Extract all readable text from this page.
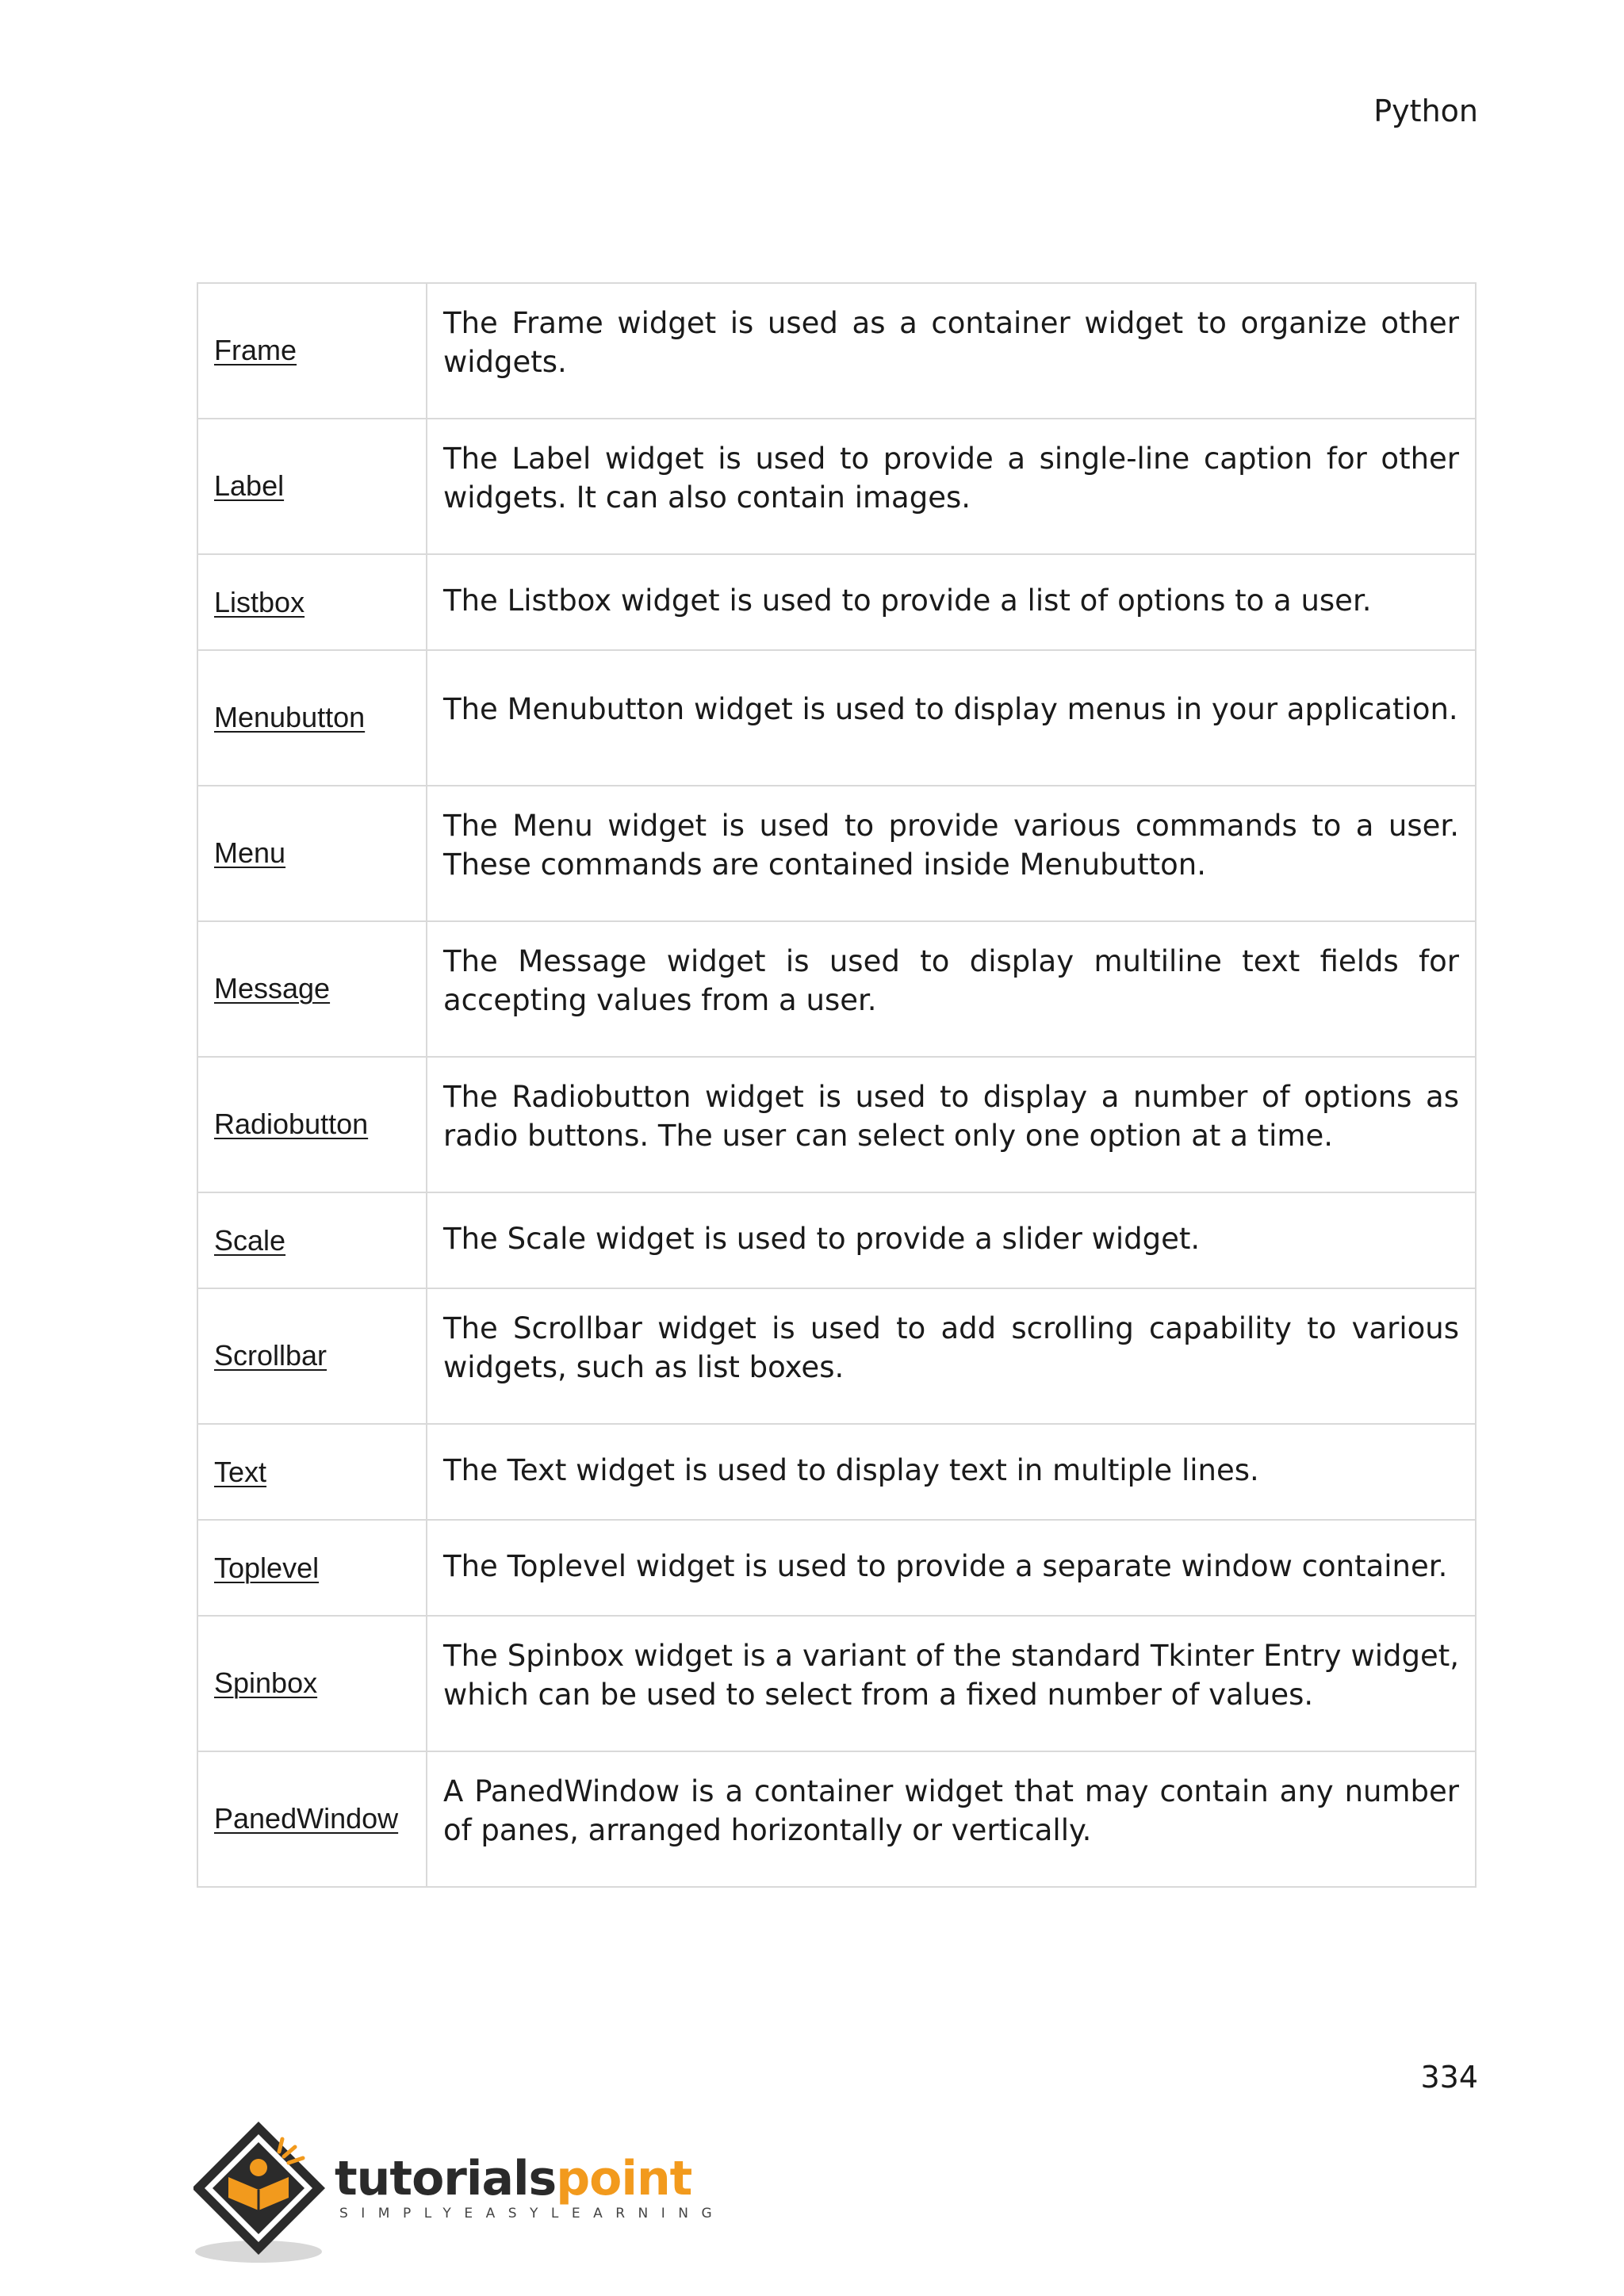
Python
Frame	The Frame widget is used as a container widget to organize other widgets.

Label	The Label widget is used to provide a single-line caption for other widgets. It can also contain images.

Listbox	The Listbox widget is used to provide a list of options to a user.

Menubutton	The Menubutton widget is used to display menus in your application.

Menu	The Menu widget is used to provide various commands to a user. These commands are contained inside Menubutton.

Message	The Message widget is used to display multiline text fields for accepting values from a user.

Radiobutton	The Radiobutton widget is used to display a number of options as radio buttons. The user can select only one option at a time.

Scale	The Scale widget is used to provide a slider widget.

Scrollbar	The Scrollbar widget is used to add scrolling capability to various widgets, such as list boxes.

Text	The Text widget is used to display text in multiple lines.

Toplevel	The Toplevel widget is used to provide a separate window container.

Spinbox	The Spinbox widget is a variant of the standard Tkinter Entry widget, which can be used to select from a fixed number of values.

PanedWindow	A PanedWindow is a container widget that may contain any number of panes, arranged horizontally or vertically.
334
tutorialspoint
SIMPLYEASYLEARNING
